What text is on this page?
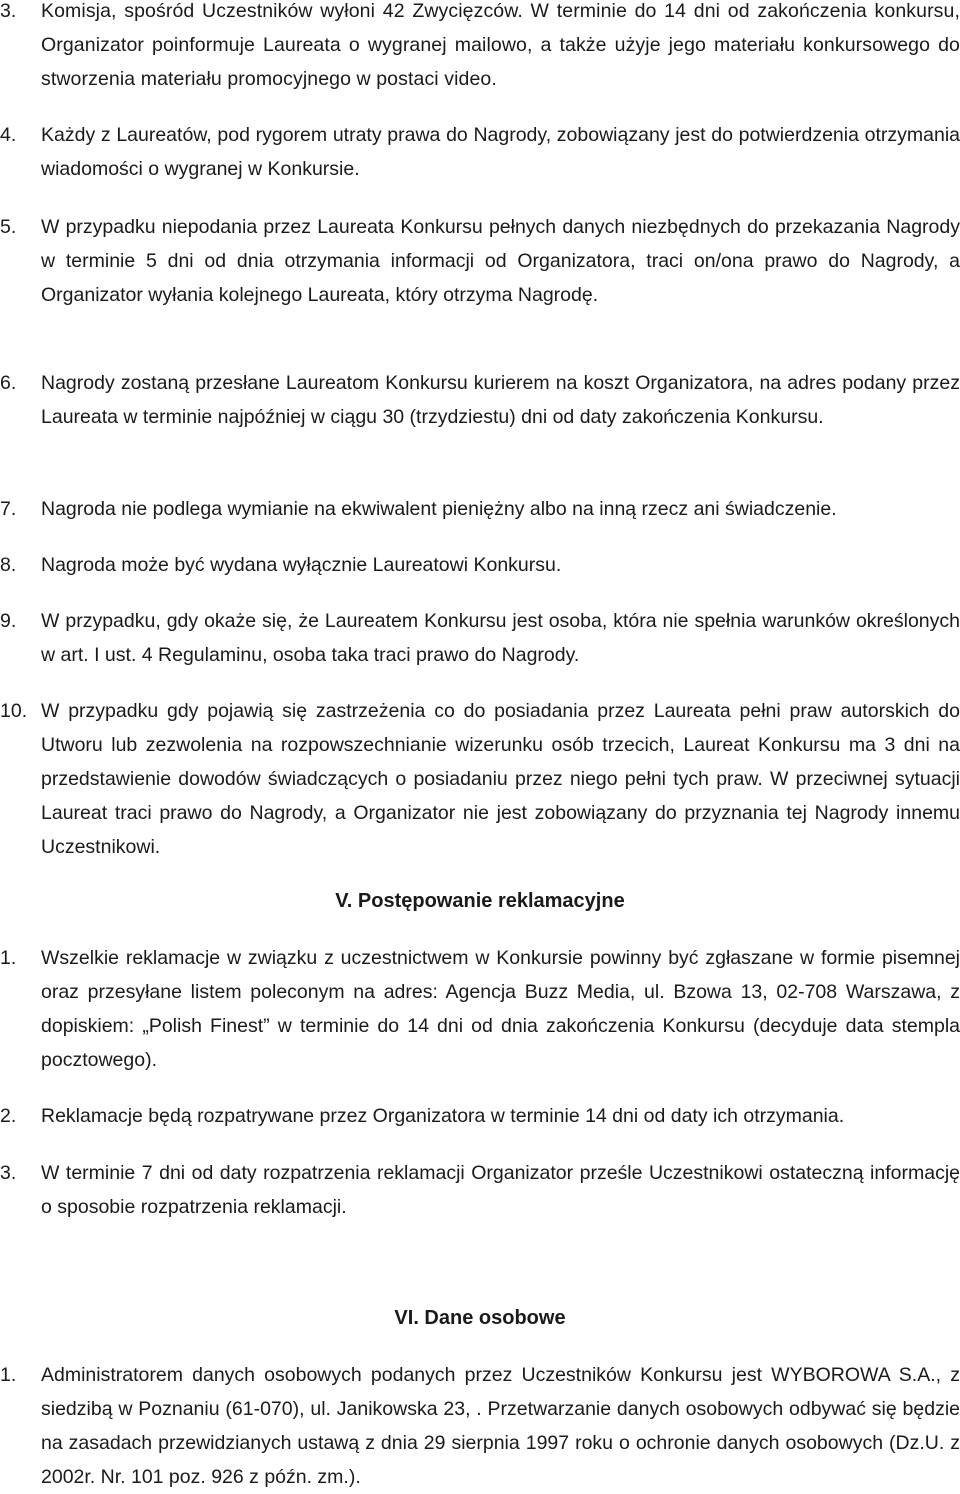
3.	Komisja, spośród Uczestników wyłoni 42 Zwycięzców. W terminie do 14 dni od zakończenia konkursu, Organizator poinformuje Laureata o wygranej mailowo, a także użyje jego materiału konkursowego do stworzenia materiału promocyjnego w postaci video.
4.	Każdy z Laureatów, pod rygorem utraty prawa do Nagrody, zobowiązany jest do potwierdzenia otrzymania wiadomości o wygranej w Konkursie.
5.	W przypadku niepodania przez Laureata Konkursu pełnych danych niezbędnych do przekazania Nagrody w terminie 5 dni od dnia otrzymania informacji od Organizatora, traci on/ona prawo do Nagrody, a Organizator wyłania kolejnego Laureata, który otrzyma Nagrodę.
6.	Nagrody zostaną przesłane Laureatom Konkursu kurierem na koszt Organizatora, na adres podany przez Laureata w terminie najpóźniej w ciągu 30 (trzydziestu) dni od daty zakończenia Konkursu.
7.	Nagroda nie podlega wymianie na ekwiwalent pieniężny albo na inną rzecz ani świadczenie.
8.	Nagroda może być wydana wyłącznie Laureatowi Konkursu.
9.	W przypadku, gdy okaże się, że Laureatem Konkursu jest osoba, która nie spełnia warunków określonych w art. I ust. 4 Regulaminu, osoba taka traci prawo do Nagrody.
10. W przypadku gdy pojawią się zastrzeżenia co do posiadania przez Laureata pełni praw autorskich do Utworu lub zezwolenia na rozpowszechnianie wizerunku osób trzecich, Laureat Konkursu ma 3 dni na przedstawienie dowodów świadczących o posiadaniu przez niego pełni tych praw. W przeciwnej sytuacji Laureat traci prawo do Nagrody, a Organizator nie jest zobowiązany do przyznania tej Nagrody innemu Uczestnikowi.
V. Postępowanie reklamacyjne
1.	Wszelkie reklamacje w związku z uczestnictwem w Konkursie powinny być zgłaszane w formie pisemnej oraz przesyłane listem poleconym na adres: Agencja Buzz Media, ul. Bzowa 13, 02-708 Warszawa, z dopiskiem: „Polish Finest” w terminie do 14 dni od dnia zakończenia Konkursu (decyduje data stempla pocztowego).
2.	Reklamacje będą rozpatrywane przez Organizatora w terminie 14 dni od daty ich otrzymania.
3.	W terminie 7 dni od daty rozpatrzenia reklamacji Organizator prześle Uczestnikowi ostateczną informację o sposobie rozpatrzenia reklamacji.
VI. Dane osobowe
1.	Administratorem danych osobowych podanych przez Uczestników Konkursu jest WYBOROWA S.A., z siedzibą w Poznaniu (61-070), ul. Janikowska 23, . Przetwarzanie danych osobowych odbywać się będzie na zasadach przewidzianych ustawą z dnia 29 sierpnia 1997 roku o ochronie danych osobowych (Dz.U. z 2002r. Nr. 101 poz. 926 z późn. zm.).
